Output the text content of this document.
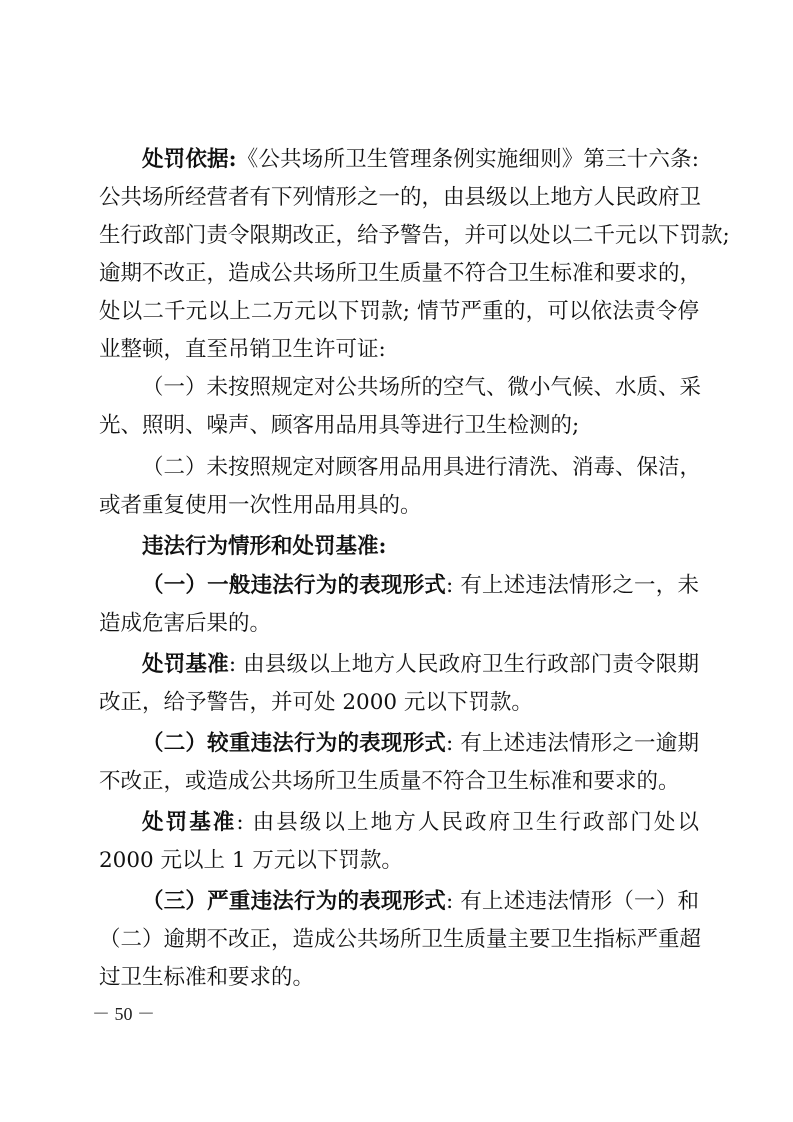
处罚依据:《公共场所卫生管理条例实施细则》第三十六条:
公共场所经营者有下列情形之一的，由县级以上地方人民政府卫
生行政部门责令限期改正，给予警告，并可以处以二千元以下罚款;
逾期不改正，造成公共场所卫生质量不符合卫生标准和要求的，
处以二千元以上二万元以下罚款; 情节严重的，可以依法责令停
业整顿，直至吊销卫生许可证:
（一）未按照规定对公共场所的空气、微小气候、水质、采
光、照明、噪声、顾客用品用具等进行卫生检测的;
（二）未按照规定对顾客用品用具进行清洗、消毒、保洁，
或者重复使用一次性用品用具的。
违法行为情形和处罚基准:
（一）一般违法行为的表现形式: 有上述违法情形之一，未
造成危害后果的。
处罚基准: 由县级以上地方人民政府卫生行政部门责令限期
改正，给予警告，并可处 2000 元以下罚款。
（二）较重违法行为的表现形式: 有上述违法情形之一逾期
不改正，或造成公共场所卫生质量不符合卫生标准和要求的。
处罚基准: 由县级以上地方人民政府卫生行政部门处以
2000 元以上 1 万元以下罚款。
（三）严重违法行为的表现形式: 有上述违法情形（一）和
（二）逾期不改正，造成公共场所卫生质量主要卫生指标严重超
过卫生标准和要求的。
－ 50 －
